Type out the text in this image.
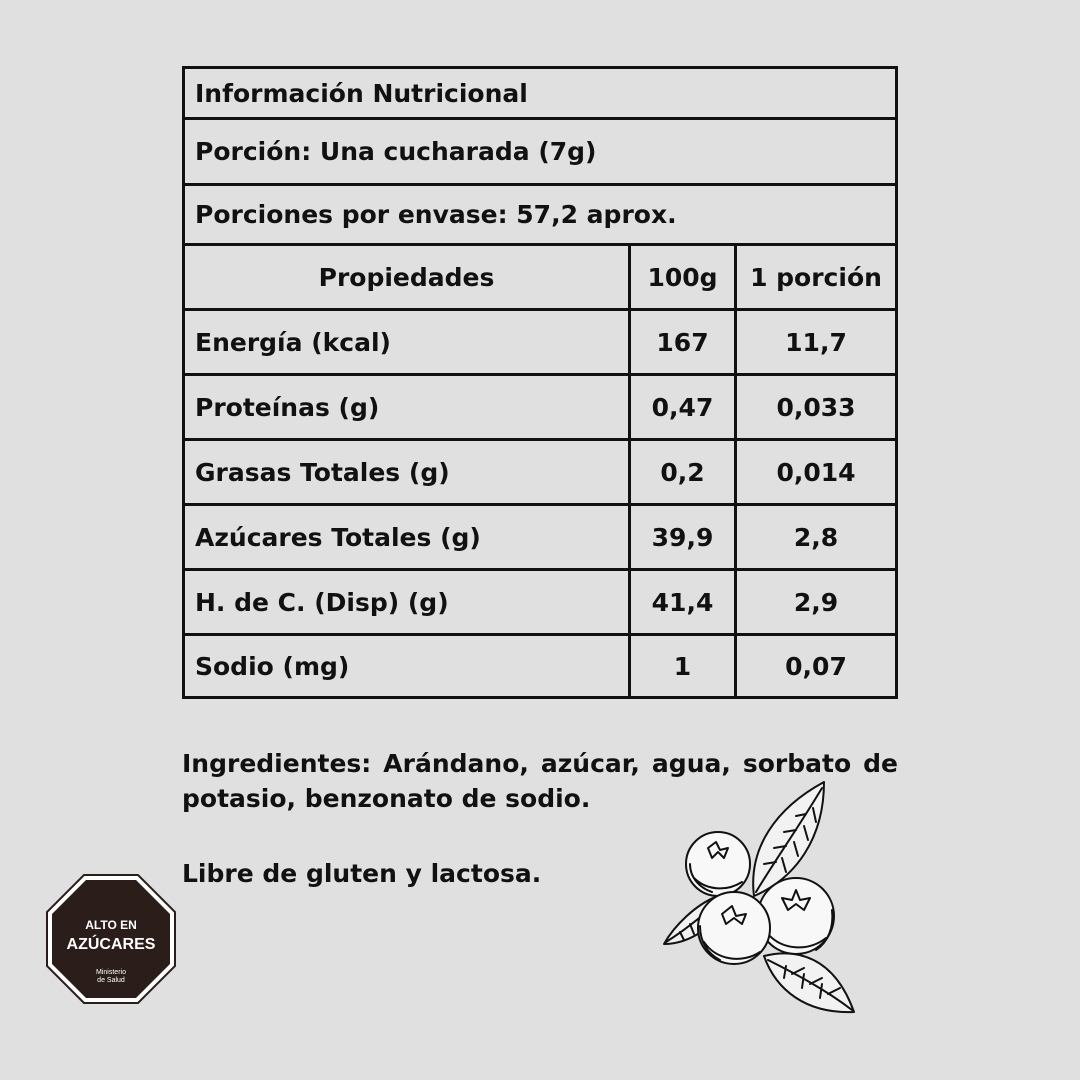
Información Nutricional
Porción: Una cucharada (7g)
Porciones por envase: 57,2 aprox.
Propiedades	100g	1 porción
Energía (kcal)	167	11,7
Proteínas (g)	0,47	0,033
Grasas Totales (g)	0,2	0,014
Azúcares Totales (g)	39,9	2,8
H. de C. (Disp) (g)	41,4	2,9
Sodio (mg)	1	0,07
Ingredientes: Arándano, azúcar, agua, sorbato de potasio, benzonato de sodio.
Libre de gluten y lactosa.
ALTO EN
AZÚCARES
Ministerio
de Salud
